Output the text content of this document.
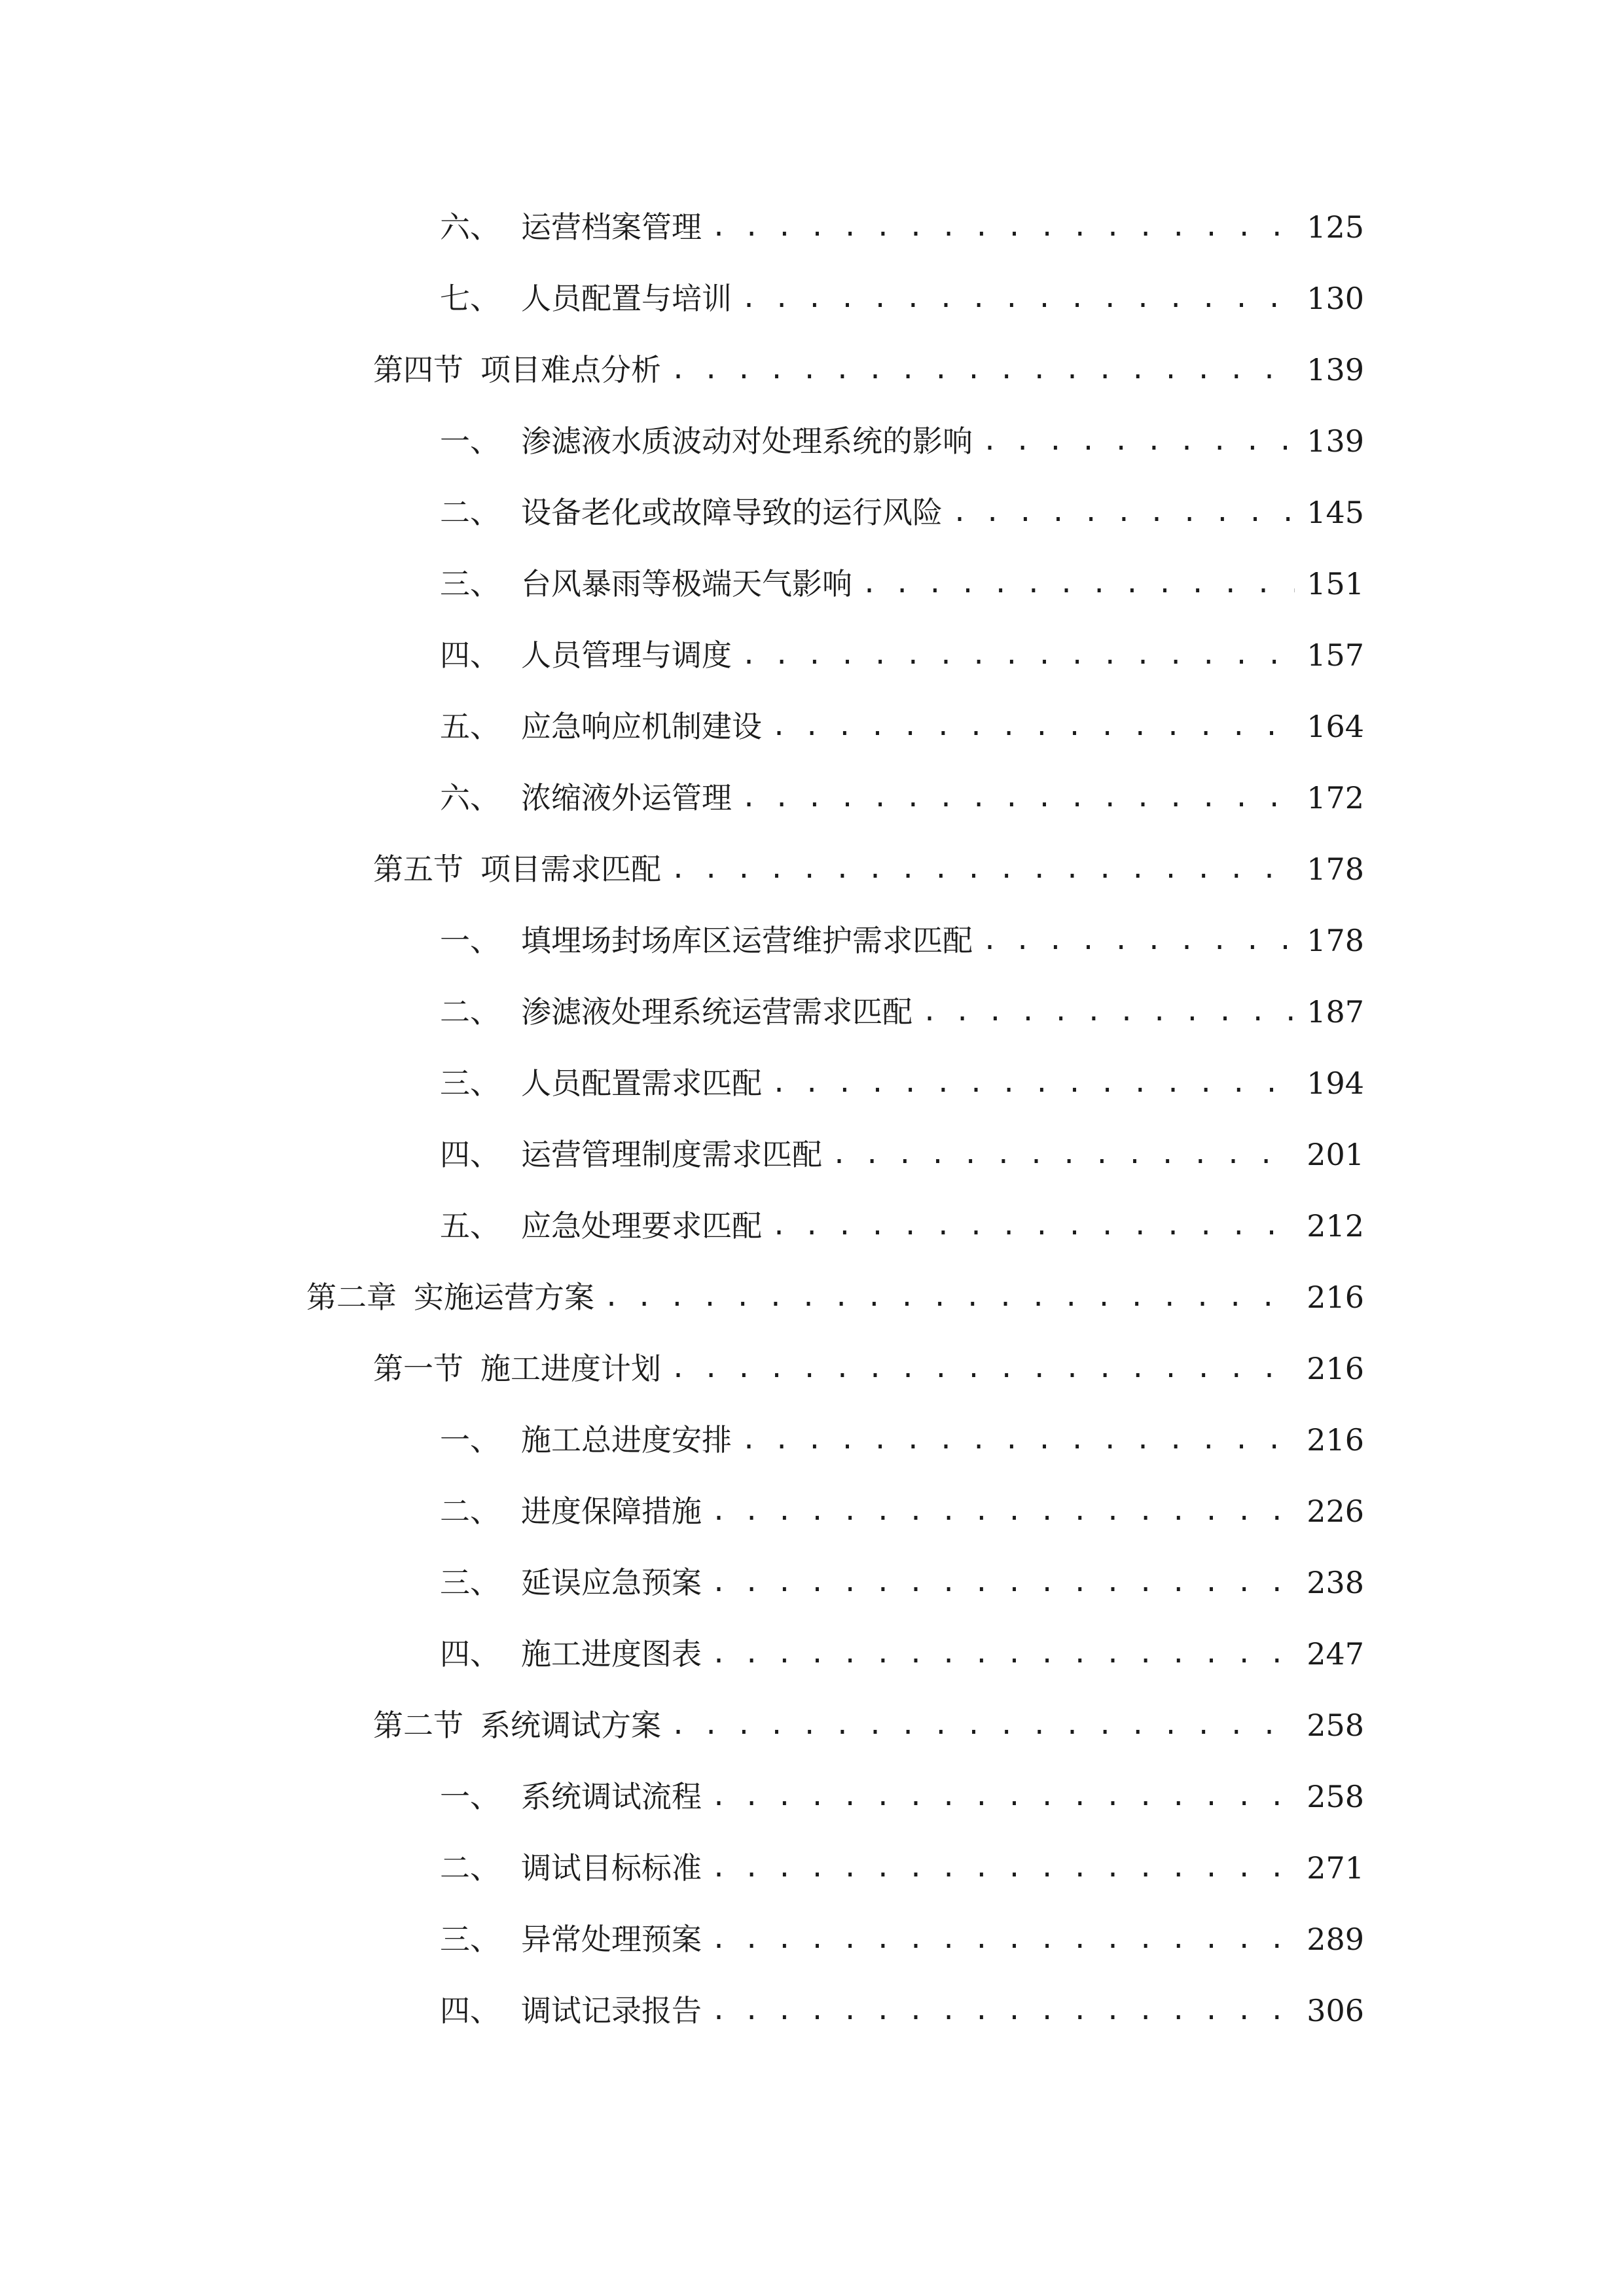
六、 运营档案管理 . . .	125
七、 人员配置与培训 . . .	130
第四节 项目难点分析 . . .	139
一、 渗滤液水质波动对处理系统的影响 . . .	139
二、 设备老化或故障导致的运行风险 . . .	145
三、 台风暴雨等极端天气影响 . . .	151
四、 人员管理与调度 . . .	157
五、 应急响应机制建设 . . .	164
六、 浓缩液外运管理 . . .	172
第五节 项目需求匹配 . . .	178
一、 填埋场封场库区运营维护需求匹配 . . .	178
二、 渗滤液处理系统运营需求匹配 . . .	187
三、 人员配置需求匹配 . . .	194
四、 运营管理制度需求匹配 . . .	201
五、 应急处理要求匹配 . . .	212
第二章 实施运营方案 . . .	216
第一节 施工进度计划 . . .	216
一、 施工总进度安排 . . .	216
二、 进度保障措施 . . .	226
三、 延误应急预案 . . .	238
四、 施工进度图表 . . .	247
第二节 系统调试方案 . . .	258
一、 系统调试流程 . . .	258
二、 调试目标标准 . . .	271
三、 异常处理预案 . . .	289
四、 调试记录报告 . . .	306
